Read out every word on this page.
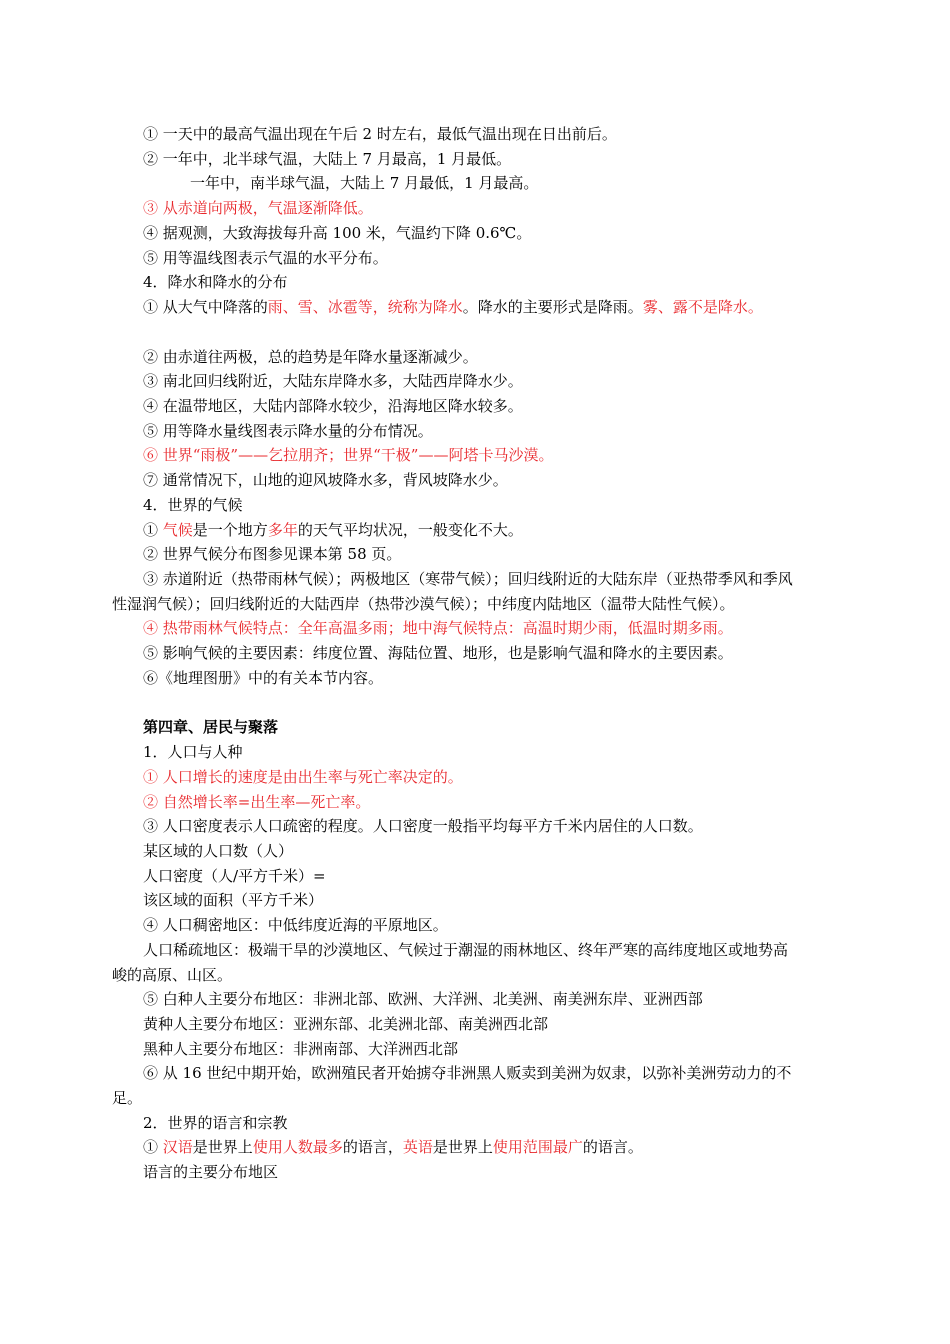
① 一天中的最高气温出现在午后 2 时左右，最低气温出现在日出前后。
② 一年中，北半球气温，大陆上 7 月最高，1 月最低。
一年中，南半球气温，大陆上 7 月最低，1 月最高。
③ 从赤道向两极，气温逐渐降低。
④ 据观测，大致海拔每升高 100 米，气温约下降 0.6℃。
⑤ 用等温线图表示气温的水平分布。
4．降水和降水的分布
① 从大气中降落的雨、雪、冰雹等，统称为降水。降水的主要形式是降雨。雾、露不是降水。
② 由赤道往两极，总的趋势是年降水量逐渐减少。
③ 南北回归线附近，大陆东岸降水多，大陆西岸降水少。
④ 在温带地区，大陆内部降水较少，沿海地区降水较多。
⑤ 用等降水量线图表示降水量的分布情况。
⑥ 世界“雨极”——乞拉朋齐；世界“干极”——阿塔卡马沙漠。
⑦ 通常情况下，山地的迎风坡降水多，背风坡降水少。
4．世界的气候
① 气候是一个地方多年的天气平均状况，一般变化不大。
② 世界气候分布图参见课本第 58 页。
③ 赤道附近（热带雨林气候）；两极地区（寒带气候）；回归线附近的大陆东岸（亚热带季风和季风性湿润气候）；回归线附近的大陆西岸（热带沙漠气候）；中纬度内陆地区（温带大陆性气候）。
④ 热带雨林气候特点：全年高温多雨；地中海气候特点：高温时期少雨，低温时期多雨。
⑤ 影响气候的主要因素：纬度位置、海陆位置、地形，也是影响气温和降水的主要因素。
⑥《地理图册》中的有关本节内容。
第四章、居民与聚落
1．人口与人种
① 人口增长的速度是由出生率与死亡率决定的。
② 自然增长率=出生率—死亡率。
③ 人口密度表示人口疏密的程度。人口密度一般指平均每平方千米内居住的人口数。
某区域的人口数（人）
人口密度（人/平方千米）=
该区域的面积（平方千米）
④ 人口稠密地区：中低纬度近海的平原地区。
人口稀疏地区：极端干旱的沙漠地区、气候过于潮湿的雨林地区、终年严寒的高纬度地区或地势高峻的高原、山区。
⑤ 白种人主要分布地区：非洲北部、欧洲、大洋洲、北美洲、南美洲东岸、亚洲西部
黄种人主要分布地区：亚洲东部、北美洲北部、南美洲西北部
黑种人主要分布地区：非洲南部、大洋洲西北部
⑥ 从 16 世纪中期开始，欧洲殖民者开始掳夺非洲黑人贩卖到美洲为奴隶，以弥补美洲劳动力的不足。
2．世界的语言和宗教
① 汉语是世界上使用人数最多的语言，英语是世界上使用范围最广的语言。
语言的主要分布地区
